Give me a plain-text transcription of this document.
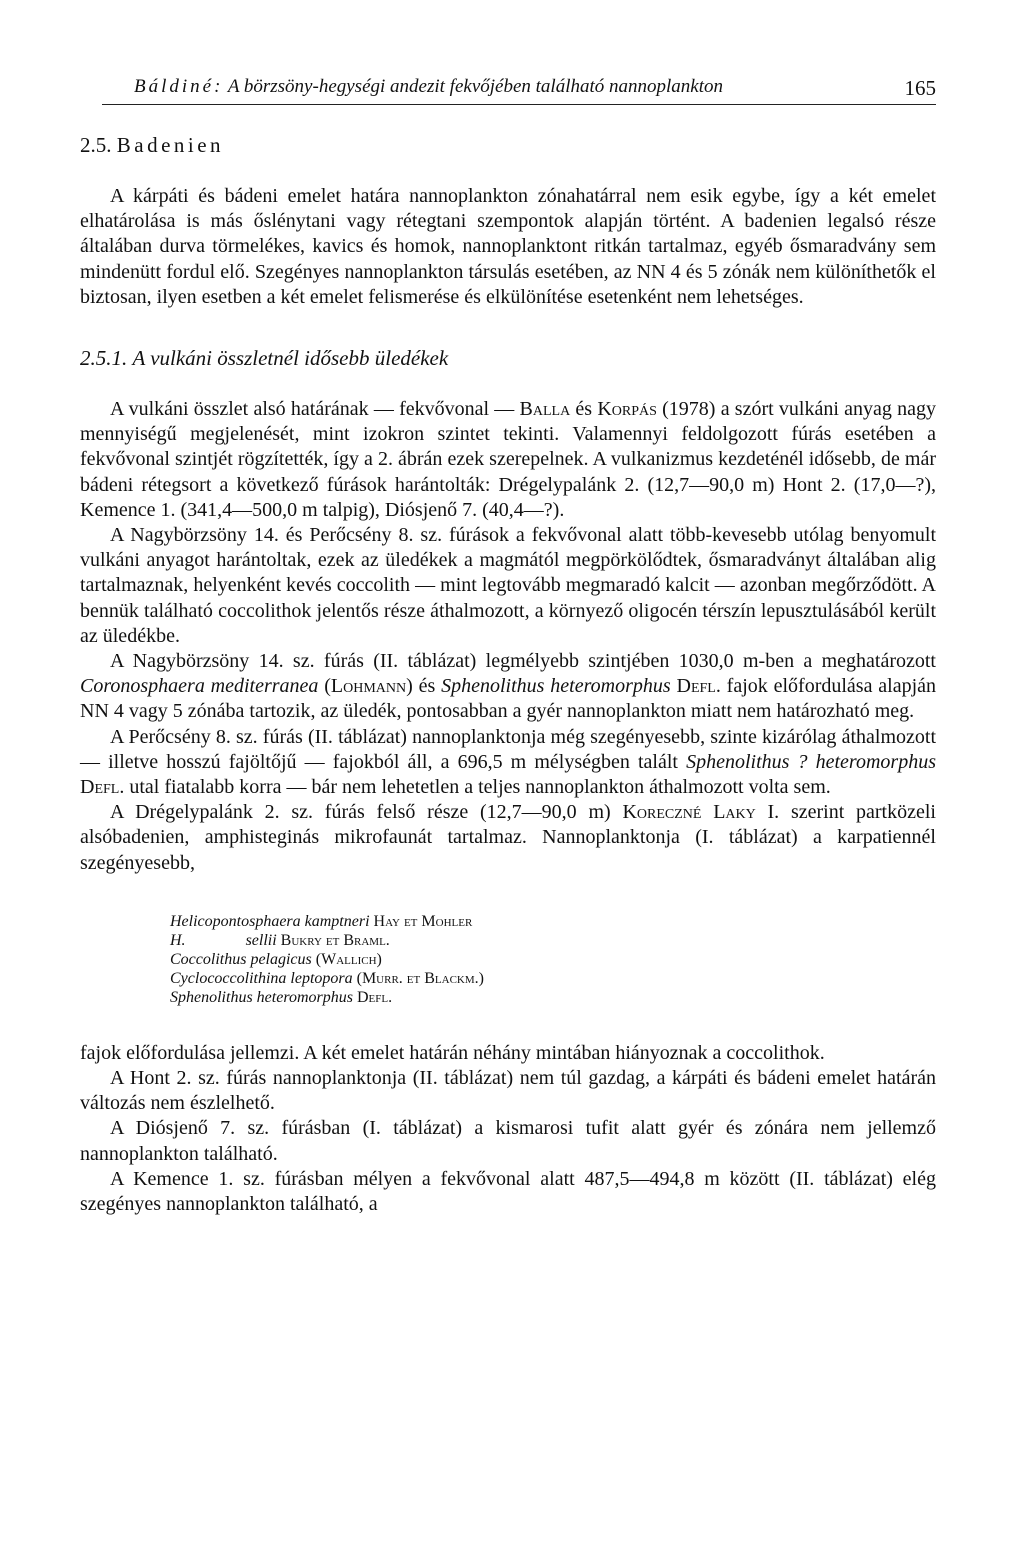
Báldiné: A börzsöny-hegységi andezit fekvőjében található nannoplankton	165
2.5. Badenien

A kárpáti és bádeni emelet határa nannoplankton zónahatárral nem esik egybe, így a két emelet elhatárolása is más őslénytani vagy rétegtani szempontok alapján történt. A badenien legalsó része általában durva törmelékes, kavics és homok, nannoplanktont ritkán tartalmaz, egyéb ősmaradvány sem mindenütt fordul elő. Szegényes nannoplankton társulás esetében, az NN 4 és 5 zónák nem különíthetők el biztosan, ilyen esetben a két emelet felismerése és elkülönítése esetenként nem lehetséges.

2.5.1. A vulkáni összletnél idősebb üledékek

A vulkáni összlet alsó határának — fekvővonal — Balla és Korpás (1978) a szórt vulkáni anyag nagy mennyiségű megjelenését, mint izokron szintet tekinti. Valamennyi feldolgozott fúrás esetében a fekvővonal szintjét rögzítették, így a 2. ábrán ezek szerepelnek. A vulkanizmus kezdeténél idősebb, de már bádeni rétegsort a következő fúrások harántolták: Drégelypalánk 2. (12,7—90,0 m) Hont 2. (17,0—?), Kemence 1. (341,4—500,0 m talpig), Diósjenő 7. (40,4—?).

A Nagybörzsöny 14. és Perőcsény 8. sz. fúrások a fekvővonal alatt több-kevesebb utólag benyomult vulkáni anyagot harántoltak, ezek az üledékek a magmától megpörkölődtek, ősmaradványt általában alig tartalmaznak, helyenként kevés coccolith — mint legtovább megmaradó kalcit — azonban megőrződött. A bennük található coccolithok jelentős része áthalmozott, a környező oligocén térszín lepusztulásából került az üledékbe.

A Nagybörzsöny 14. sz. fúrás (II. táblázat) legmélyebb szintjében 1030,0 m-ben a meghatározott Coronosphaera mediterranea (Lohmann) és Sphenolithus heteromorphus Defl. fajok előfordulása alapján NN 4 vagy 5 zónába tartozik, az üledék, pontosabban a gyér nannoplankton miatt nem határozható meg.

A Perőcsény 8. sz. fúrás (II. táblázat) nannoplanktonja még szegényesebb, szinte kizárólag áthalmozott — illetve hosszú fajöltőjű — fajokból áll, a 696,5 m mélységben talált Sphenolithus ? heteromorphus Defl. utal fiatalabb korra — bár nem lehetetlen a teljes nannoplankton áthalmozott volta sem.

A Drégelypalánk 2. sz. fúrás felső része (12,7—90,0 m) Koreczné Laky I. szerint partközeli alsóbadenien, amphisteginás mikrofaunát tartalmaz. Nannoplanktonja (I. táblázat) a karpatiennél szegényesebb,

Helicopontosphaera kamptneri Hay et Mohler
H.	sellii Bukry et Braml.
Coccolithus pelagicus (Wallich)
Cyclococcolithina leptopora (Murr. et Blackm.)
Sphenolithus heteromorphus Defl.

fajok előfordulása jellemzi. A két emelet határán néhány mintában hiányoznak a coccolithok.

A Hont 2. sz. fúrás nannoplanktonja (II. táblázat) nem túl gazdag, a kárpáti és bádeni emelet határán változás nem észlelhető.

A Diósjenő 7. sz. fúrásban (I. táblázat) a kismarosi tufit alatt gyér és zónára nem jellemző nannoplankton található.

A Kemence 1. sz. fúrásban mélyen a fekvővonal alatt 487,5—494,8 m között (II. táblázat) elég szegényes nannoplankton található, a
